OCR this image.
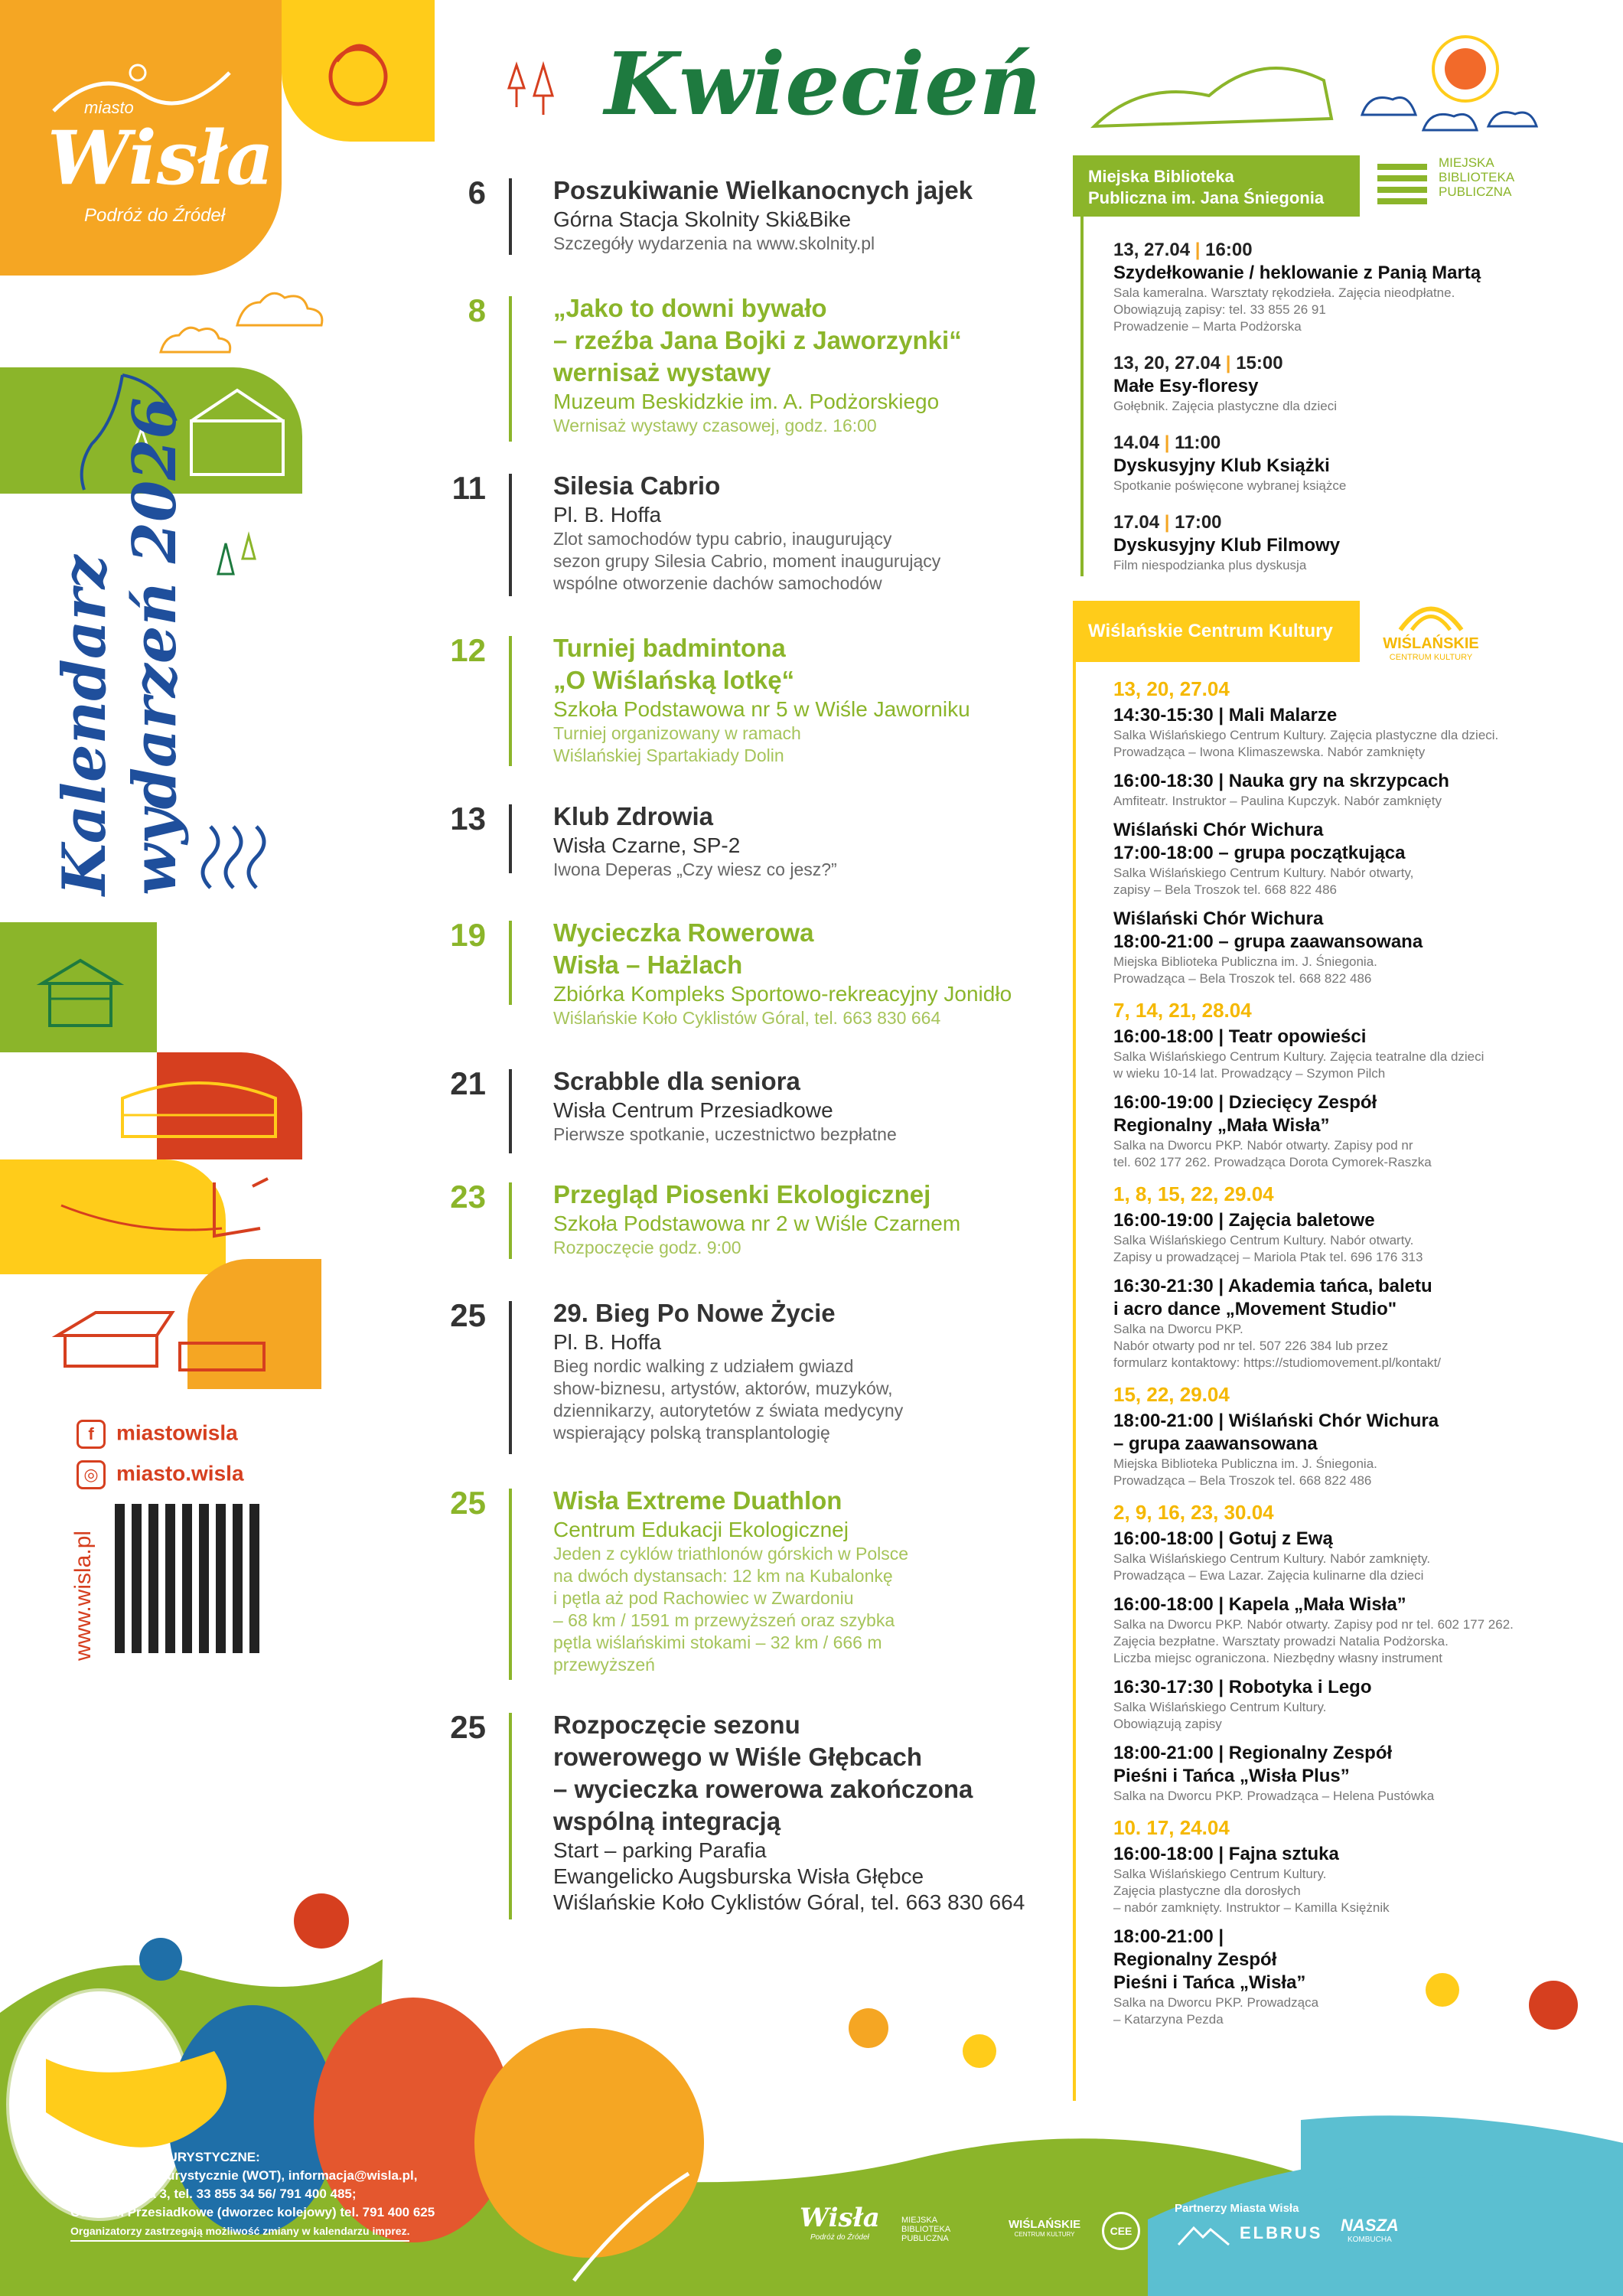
miasto
Wisła
Podróż do Źródeł
Kalendarz wydarzeń 2026
f miastowisla
◎ miasto.wisla
www.wisla.pl
Kwiecień
6	Poszukiwanie Wielkanocnych jajek
Górna Stacja Skolnity Ski&Bike
Szczegóły wydarzenia na www.skolnity.pl
8	„Jako to downi bywało
– rzeźba Jana Bojki z Jaworzynki“
wernisaż wystawy
Muzeum Beskidzkie im. A. Podżorskiego
Wernisaż wystawy czasowej, godz. 16:00
11	Silesia Cabrio
Pl. B. Hoffa
Zlot samochodów typu cabrio, inaugurujący
sezon grupy Silesia Cabrio, moment inaugurujący
wspólne otworzenie dachów samochodów
12	Turniej badmintona
„O Wiślańską lotkę“
Szkoła Podstawowa nr 5 w Wiśle Jaworniku
Turniej organizowany w ramach
Wiślańskiej Spartakiady Dolin
13	Klub Zdrowia
Wisła Czarne, SP-2
Iwona Deperas „Czy wiesz co jesz?”
19	Wycieczka Rowerowa
Wisła – Hażlach
Zbiórka Kompleks Sportowo-rekreacyjny Jonidło
Wiślańskie Koło Cyklistów Góral, tel. 663 830 664
21	Scrabble dla seniora
Wisła Centrum Przesiadkowe
Pierwsze spotkanie, uczestnictwo bezpłatne
23	Przegląd Piosenki Ekologicznej
Szkoła Podstawowa nr 2 w Wiśle Czarnem
Rozpoczęcie godz. 9:00
25	29. Bieg Po Nowe Życie
Pl. B. Hoffa
Bieg nordic walking z udziałem gwiazd
show-biznesu, artystów, aktorów, muzyków,
dziennikarzy, autorytetów z świata medycyny
wspierający polską transplantologię
25	Wisła Extreme Duathlon
Centrum Edukacji Ekologicznej
Jeden z cyklów triathlonów górskich w Polsce
na dwóch dystansach: 12 km na Kubalonkę
i pętla aż pod Rachowiec w Zwardoniu
– 68 km / 1591 m przewyższeń oraz szybka
pętla wiślańskimi stokami – 32 km / 666 m
przewyższeń
25	Rozpoczęcie sezonu
rowerowego w Wiśle Głębcach
– wycieczka rowerowa zakończona
wspólną integracją
Start – parking Parafia
Ewangelicko Augsburska Wisła Głębce
Wiślańskie Koło Cyklistów Góral, tel. 663 830 664
Miejska Biblioteka
Publiczna im. Jana Śniegonia
MIEJSKA
BIBLIOTEKA
PUBLICZNA
13, 27.04 | 16:00
Szydełkowanie / heklowanie z Panią Martą
Sala kameralna. Warsztaty rękodzieła. Zajęcia nieodpłatne.
Obowiązują zapisy: tel. 33 855 26 91
Prowadzenie – Marta Podżorska
13, 20, 27.04 | 15:00
Małe Esy-floresy
Gołębnik. Zajęcia plastyczne dla dzieci
14.04 | 11:00
Dyskusyjny Klub Książki
Spotkanie poświęcone wybranej książce
17.04 | 17:00
Dyskusyjny Klub Filmowy
Film niespodzianka plus dyskusja
Wiślańskie Centrum Kultury
WIŚLAŃSKIE
CENTRUM KULTURY
13, 20, 27.04
14:30-15:30 | Mali Malarze
Salka Wiślańskiego Centrum Kultury. Zajęcia plastyczne dla dzieci.
Prowadząca – Iwona Klimaszewska. Nabór zamknięty
16:00-18:30 | Nauka gry na skrzypcach
Amfiteatr. Instruktor – Paulina Kupczyk. Nabór zamknięty
Wiślański Chór Wichura
17:00-18:00 – grupa początkująca
Salka Wiślańskiego Centrum Kultury. Nabór otwarty,
zapisy – Bela Troszok tel. 668 822 486
Wiślański Chór Wichura
18:00-21:00 – grupa zaawansowana
Miejska Biblioteka Publiczna im. J. Śniegonia.
Prowadząca – Bela Troszok tel. 668 822 486
7, 14, 21, 28.04
16:00-18:00 | Teatr opowieści
Salka Wiślańskiego Centrum Kultury. Zajęcia teatralne dla dzieci
w wieku 10-14 lat. Prowadzący – Szymon Pilch
16:00-19:00 | Dziecięcy Zespół
Regionalny „Mała Wisła”
Salka na Dworcu PKP. Nabór otwarty. Zapisy pod nr
tel. 602 177 262. Prowadząca Dorota Cymorek-Raszka
1, 8, 15, 22, 29.04
16:00-19:00 | Zajęcia baletowe
Salka Wiślańskiego Centrum Kultury. Nabór otwarty.
Zapisy u prowadzącej – Mariola Ptak tel. 696 176 313
16:30-21:30 | Akademia tańca, baletu
i acro dance „Movement Studio"
Salka na Dworcu PKP.
Nabór otwarty pod nr tel. 507 226 384 lub przez
formularz kontaktowy: https://studiomovement.pl/kontakt/
15, 22, 29.04
18:00-21:00 | Wiślański Chór Wichura
– grupa zaawansowana
Miejska Biblioteka Publiczna im. J. Śniegonia.
Prowadząca – Bela Troszok tel. 668 822 486
2, 9, 16, 23, 30.04
16:00-18:00 | Gotuj z Ewą
Salka Wiślańskiego Centrum Kultury. Nabór zamknięty.
Prowadząca – Ewa Lazar. Zajęcia kulinarne dla dzieci
16:00-18:00 | Kapela „Mała Wisła”
Salka na Dworcu PKP. Nabór otwarty. Zapisy pod nr tel. 602 177 262.
Zajęcia bezpłatne. Warsztaty prowadzi Natalia Podżorska.
Liczba miejsc ograniczona. Niezbędny własny instrument
16:30-17:30 | Robotyka i Lego
Salka Wiślańskiego Centrum Kultury.
Obowiązują zapisy
18:00-21:00 | Regionalny Zespół
Pieśni i Tańca „Wisła Plus”
Salka na Dworcu PKP. Prowadząca – Helena Pustówka
10. 17, 24.04
16:00-18:00 | Fajna sztuka
Salka Wiślańskiego Centrum Kultury.
Zajęcia plastyczne dla dorosłych
– nabór zamknięty. Instruktor – Kamilla Księżnik
18:00-21:00 |
Regionalny Zespół
Pieśni i Tańca „Wisła”
Salka na Dworcu PKP. Prowadząca
– Katarzyna Pezda
INFORMACJE TURYSTYCZNE:
Wisła Otwarta Turystycznie (WOT), informacja@wisla.pl,
pl. B. Hoffa 3, tel. 33 855 34 56/ 791 400 485;
Centrum Przesiadkowe (dworzec kolejowy) tel. 791 400 625
Organizatorzy zastrzegają możliwość zmiany w kalendarzu imprez.	Wisła
Podróż do Źródeł
MIEJSKA
BIBLIOTEKA
PUBLICZNA
WIŚLAŃSKIE
CENTRUM KULTURY	CEE
Partnerzy Miasta Wisła
ELBRUS NASZA
KOMBUCHA
